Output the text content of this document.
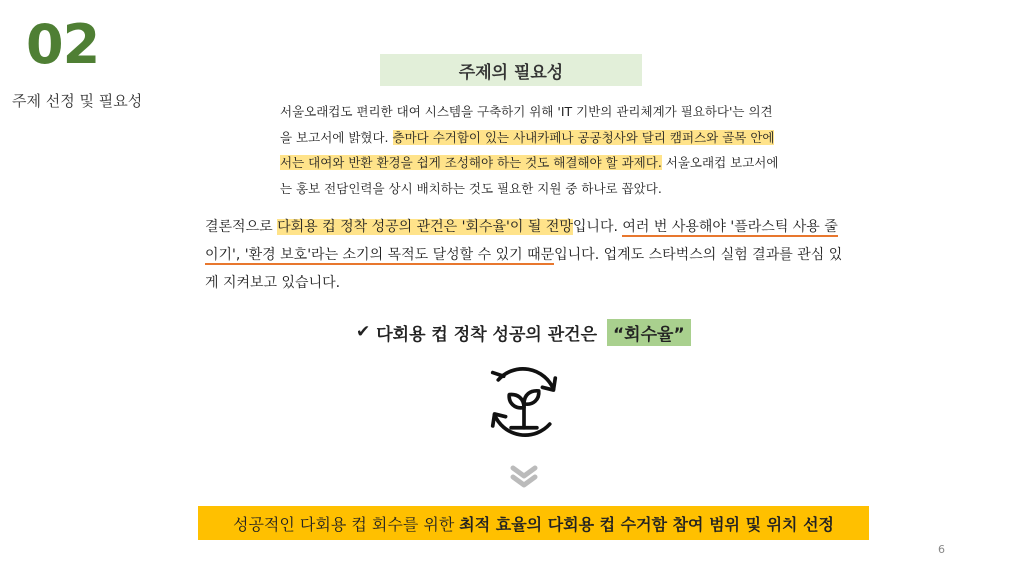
02
주제 선정 및 필요성
주제의 필요성
서울오래컵도 편리한 대여 시스템을 구축하기 위해 'IT 기반의 관리체계가 필요하다'는 의견을 보고서에 밝혔다. 층마다 수거함이 있는 사내카페나 공공청사와 달리 캠퍼스와 골목 안에서는 대여와 반환 환경을 쉽게 조성해야 하는 것도 해결해야 할 과제다. 서울오래컵 보고서에는 홍보 전담인력을 상시 배치하는 것도 필요한 지원 중 하나로 꼽았다.
결론적으로 다회용 컵 정착 성공의 관건은 '회수율'이 될 전망입니다. 여러 번 사용해야 '플라스틱 사용 줄이기', '환경 보호'라는 소기의 목적도 달성할 수 있기 때문입니다. 업계도 스타벅스의 실험 결과를 관심 있게 지켜보고 있습니다.
✔ 다회용 컵 정착 성공의 관건은 “회수율”
성공적인 다회용 컵 회수를 위한 최적 효율의 다회용 컵 수거함 참여 범위 및 위치 선정
6
